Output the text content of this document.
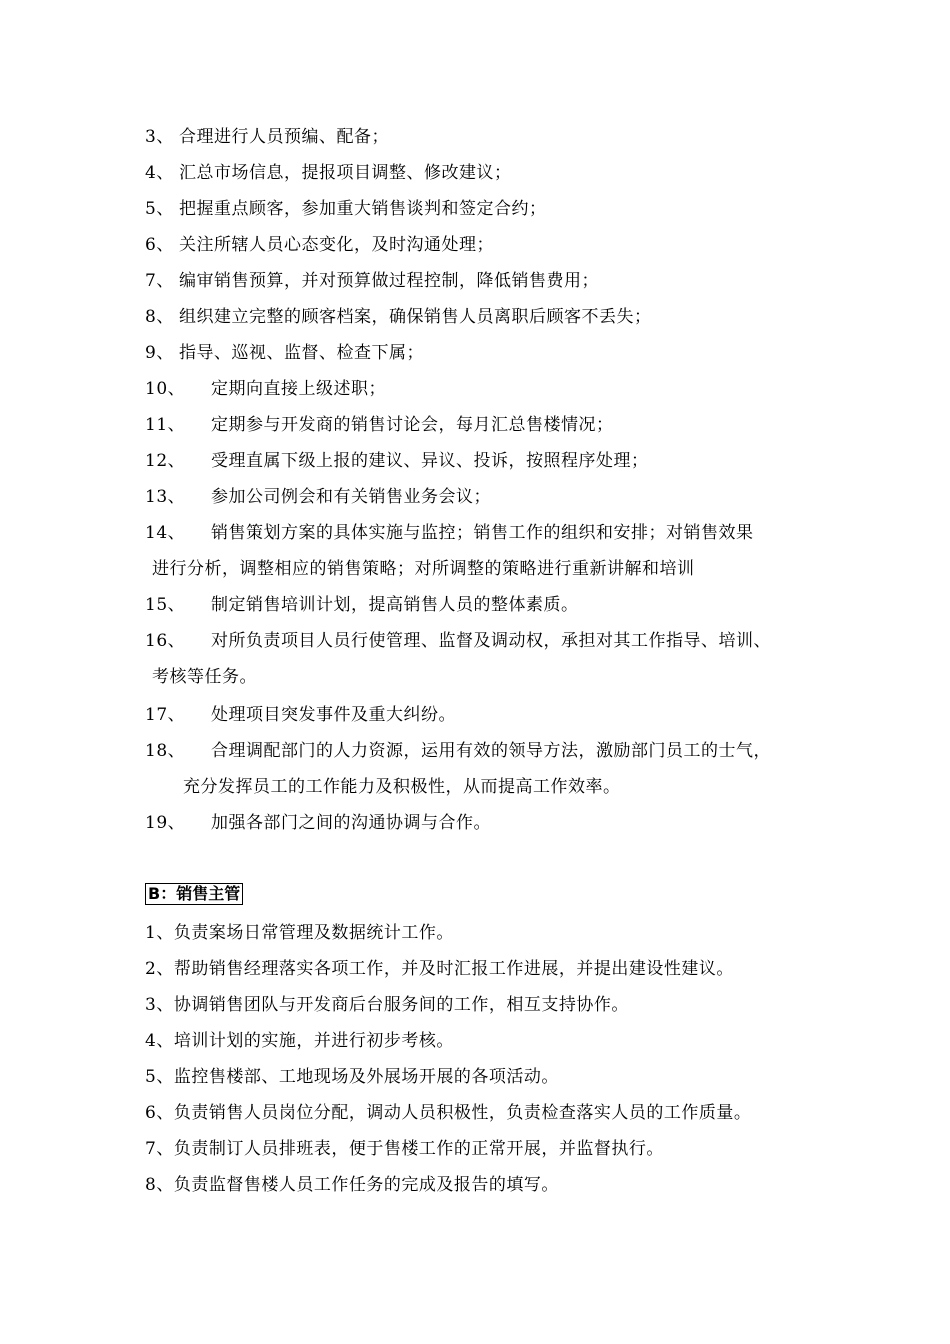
3、 合理进行人员预编、配备；
4、 汇总市场信息，提报项目调整、修改建议；
5、 把握重点顾客，参加重大销售谈判和签定合约；
6、 关注所辖人员心态变化，及时沟通处理；
7、 编审销售预算，并对预算做过程控制，降低销售费用；
8、 组织建立完整的顾客档案，确保销售人员离职后顾客不丢失；
9、 指导、巡视、监督、检查下属；
10、 定期向直接上级述职；
11、 定期参与开发商的销售讨论会，每月汇总售楼情况；
12、 受理直属下级上报的建议、异议、投诉，按照程序处理；
13、 参加公司例会和有关销售业务会议；
14、 销售策划方案的具体实施与监控；销售工作的组织和安排；对销售效果
进行分析，调整相应的销售策略；对所调整的策略进行重新讲解和培训
15、 制定销售培训计划，提高销售人员的整体素质。
16、 对所负责项目人员行使管理、监督及调动权，承担对其工作指导、培训、
考核等任务。
17、 处理项目突发事件及重大纠纷。
18、 合理调配部门的人力资源，运用有效的领导方法，激励部门员工的士气，
充分发挥员工的工作能力及积极性，从而提高工作效率。
19、 加强各部门之间的沟通协调与合作。
B：销售主管
1、负责案场日常管理及数据统计工作。
2、帮助销售经理落实各项工作，并及时汇报工作进展，并提出建设性建议。
3、协调销售团队与开发商后台服务间的工作，相互支持协作。
4、培训计划的实施，并进行初步考核。
5、监控售楼部、工地现场及外展场开展的各项活动。
6、负责销售人员岗位分配，调动人员积极性，负责检查落实人员的工作质量。
7、负责制订人员排班表，便于售楼工作的正常开展，并监督执行。
8、负责监督售楼人员工作任务的完成及报告的填写。
